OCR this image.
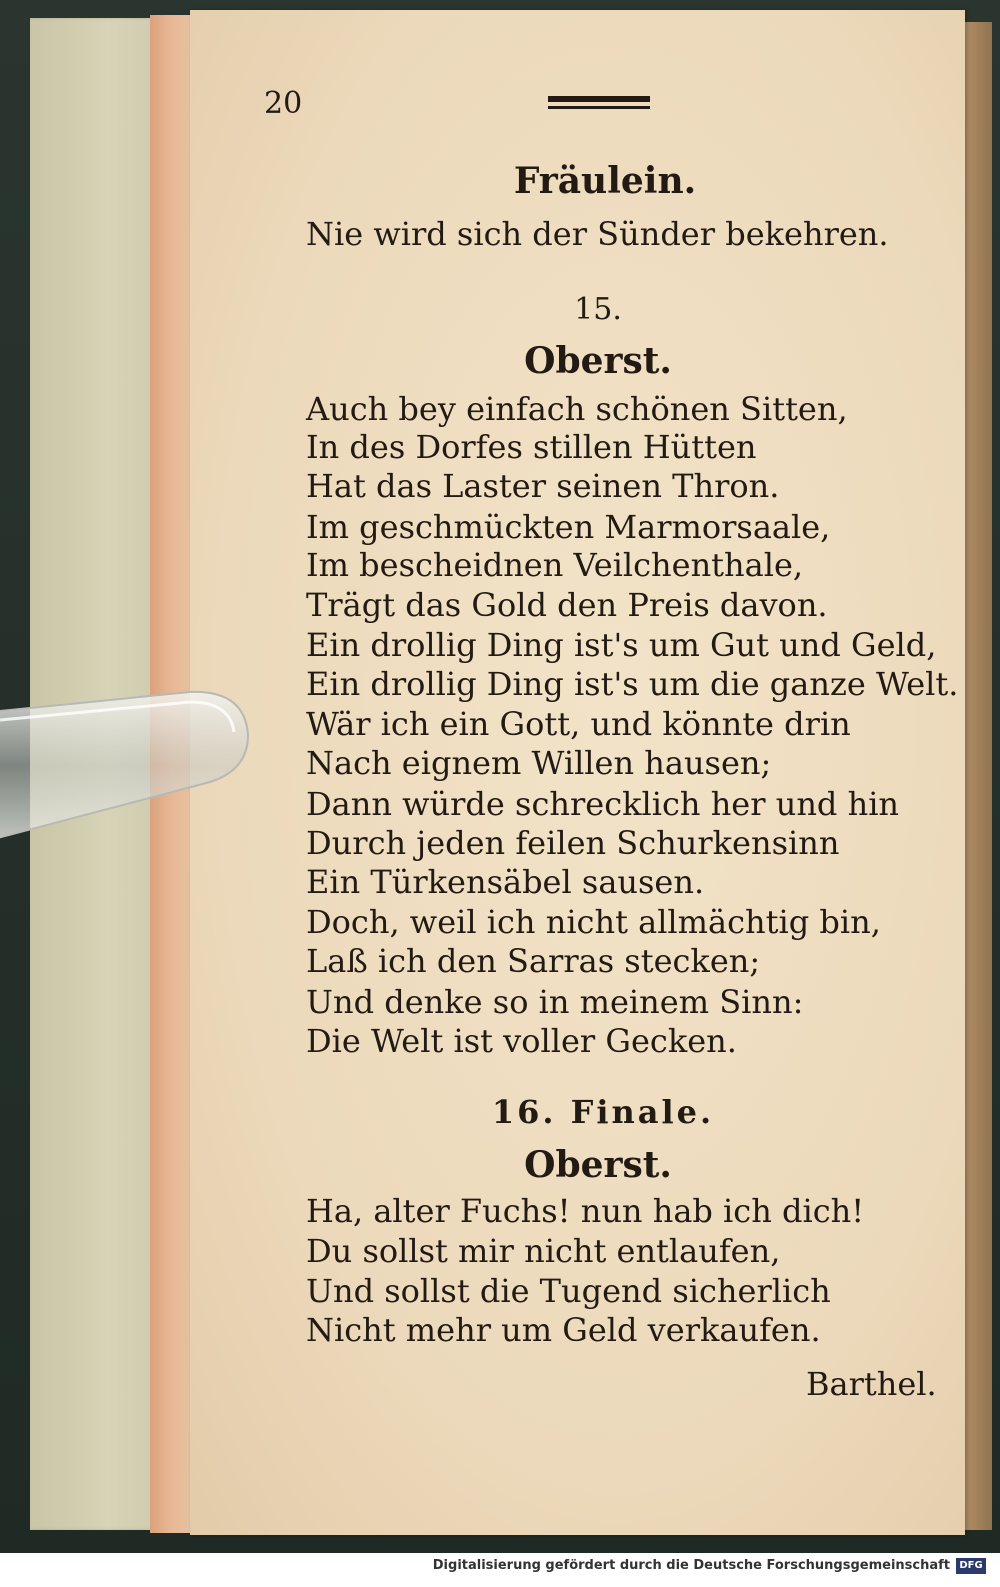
20
Fräulein.
Nie wird sich der Sünder bekehren.
15.
Oberst.
Auch bey einfach schönen Sitten,
In des Dorfes stillen Hütten
Hat das Laster seinen Thron.
Im geschmückten Marmorsaale,
Im bescheidnen Veilchenthale,
Trägt das Gold den Preis davon.
Ein drollig Ding ist's um Gut und Geld,
Ein drollig Ding ist's um die ganze Welt.
Wär ich ein Gott, und könnte drin
Nach eignem Willen hausen;
Dann würde schrecklich her und hin
Durch jeden feilen Schurkensinn
Ein Türkensäbel sausen.
Doch, weil ich nicht allmächtig bin,
Laß ich den Sarras stecken;
Und denke so in meinem Sinn:
Die Welt ist voller Gecken.
16. Finale.
Oberst.
Ha, alter Fuchs! nun hab ich dich!
Du sollst mir nicht entlaufen,
Und sollst die Tugend sicherlich
Nicht mehr um Geld verkaufen.
Barthel.
Digitalisierung gefördert durch die Deutsche Forschungsgemeinschaft DFG
